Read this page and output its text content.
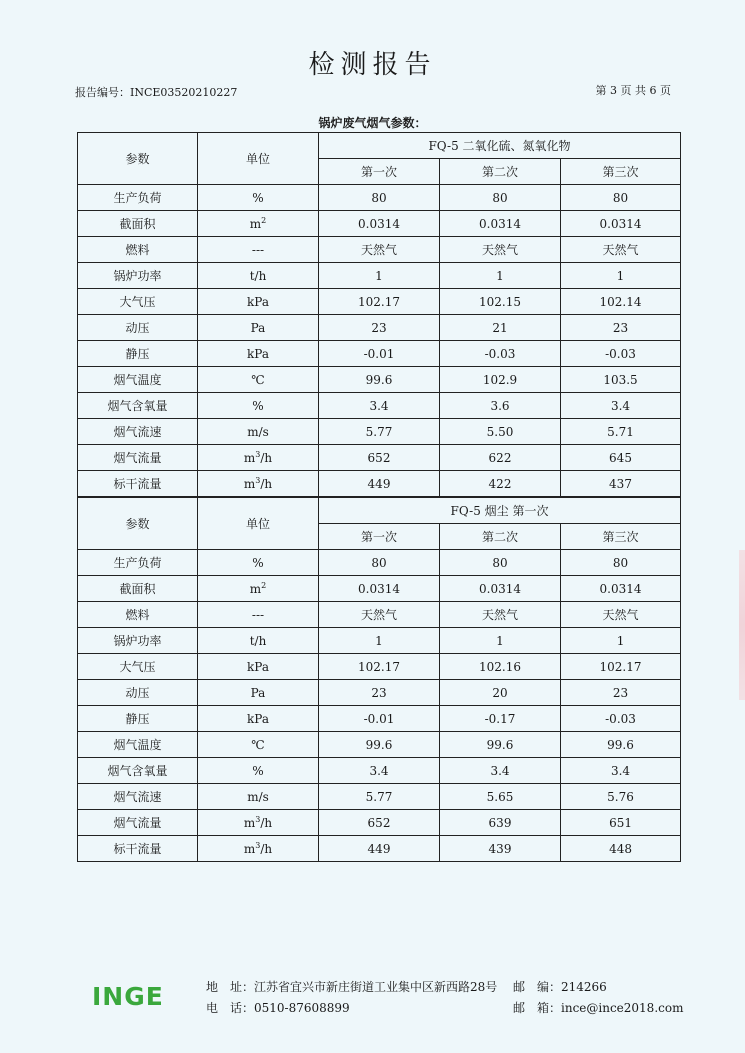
检测报告
报告编号：INCE03520210227	第 3 页 共 6 页
锅炉废气烟气参数：
参数	单位	FQ-5 二氧化硫、氮氧化物		
		第一次	第二次	第三次
生产负荷	%	80	80	80
截面积	$m^2$	0.0314	0.0314	0.0314
燃料	---	天然气	天然气	天然气
锅炉功率	t/h	1	1	1
大气压	kPa	102.17	102.15	102.14
动压	Pa	23	21	23
静压	kPa	-0.01	-0.03	-0.03
烟气温度	℃	99.6	102.9	103.5
烟气含氧量	%	3.4	3.6	3.4
烟气流速	m/s	5.77	5.50	5.71
烟气流量	$m^3/h$	652	622	645
标干流量	$m^3/h$	449	422	437
参数	单位	FQ-5 烟尘 第一次		
		第一次	第二次	第三次
生产负荷	%	80	80	80
截面积	$m^2$	0.0314	0.0314	0.0314
燃料	---	天然气	天然气	天然气
锅炉功率	t/h	1	1	1
大气压	kPa	102.17	102.16	102.17
动压	Pa	23	20	23
静压	kPa	-0.01	-0.17	-0.03
烟气温度	℃	99.6	99.6	99.6
烟气含氧量	%	3.4	3.4	3.4
烟气流速	m/s	5.77	5.65	5.76
烟气流量	$m^3/h$	652	639	651
标干流量	$m^3/h$	449	439	448
INGE	地　址：江苏省宜兴市新庄街道工业集中区新西路28号
电　话：0510-87608899
邮　编：214266
邮　箱：ince@ince2018.com
